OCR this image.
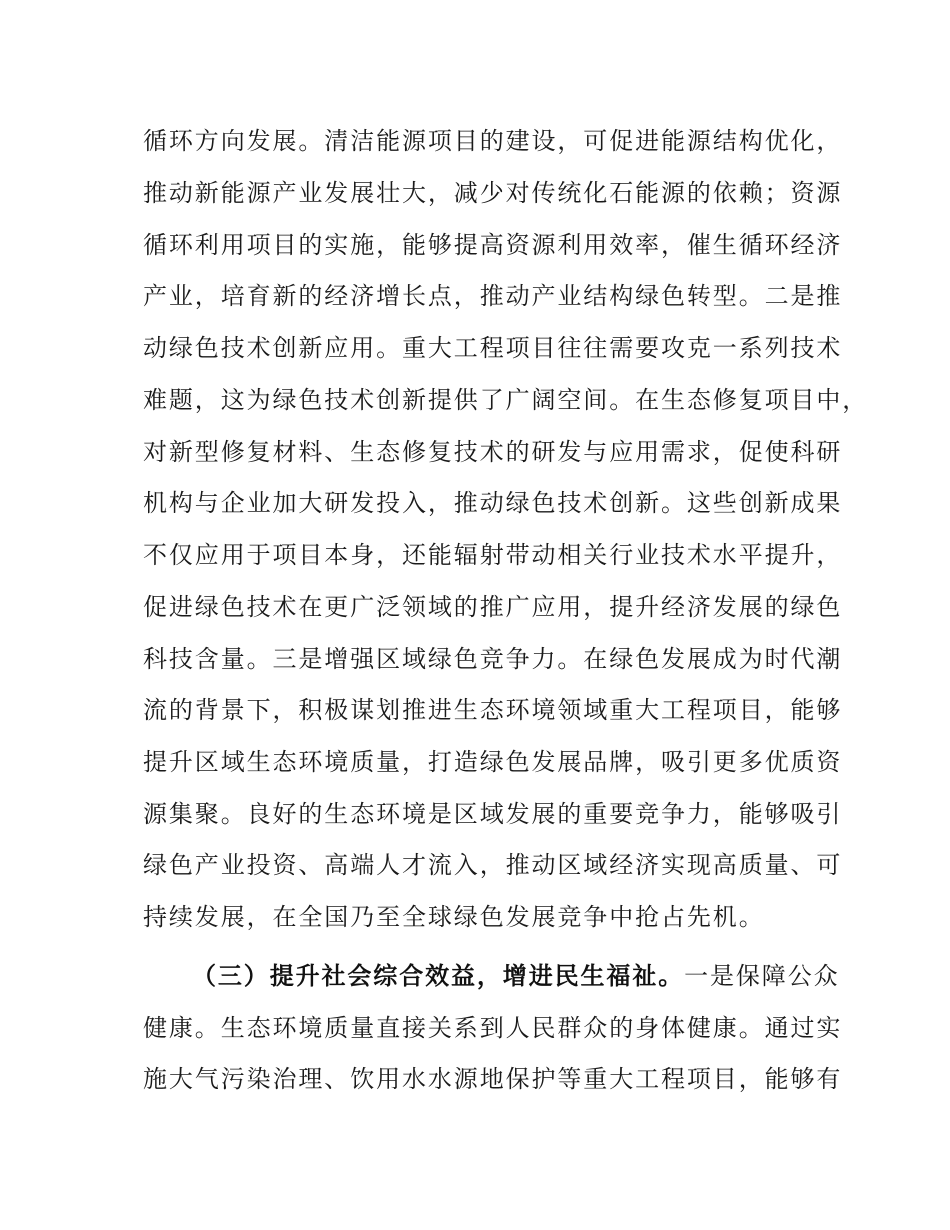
循环方向发展。清洁能源项目的建设，可促进能源结构优化，
推动新能源产业发展壮大，减少对传统化石能源的依赖；资源
循环利用项目的实施，能够提高资源利用效率，催生循环经济
产业，培育新的经济增长点，推动产业结构绿色转型。二是推
动绿色技术创新应用。重大工程项目往往需要攻克一系列技术
难题，这为绿色技术创新提供了广阔空间。在生态修复项目中，
对新型修复材料、生态修复技术的研发与应用需求，促使科研
机构与企业加大研发投入，推动绿色技术创新。这些创新成果
不仅应用于项目本身，还能辐射带动相关行业技术水平提升，
促进绿色技术在更广泛领域的推广应用，提升经济发展的绿色
科技含量。三是增强区域绿色竞争力。在绿色发展成为时代潮
流的背景下，积极谋划推进生态环境领域重大工程项目，能够
提升区域生态环境质量，打造绿色发展品牌，吸引更多优质资
源集聚。良好的生态环境是区域发展的重要竞争力，能够吸引
绿色产业投资、高端人才流入，推动区域经济实现高质量、可
持续发展，在全国乃至全球绿色发展竞争中抢占先机。
（三）提升社会综合效益，增进民生福祉。一是保障公众
健康。生态环境质量直接关系到人民群众的身体健康。通过实
施大气污染治理、饮用水水源地保护等重大工程项目，能够有
